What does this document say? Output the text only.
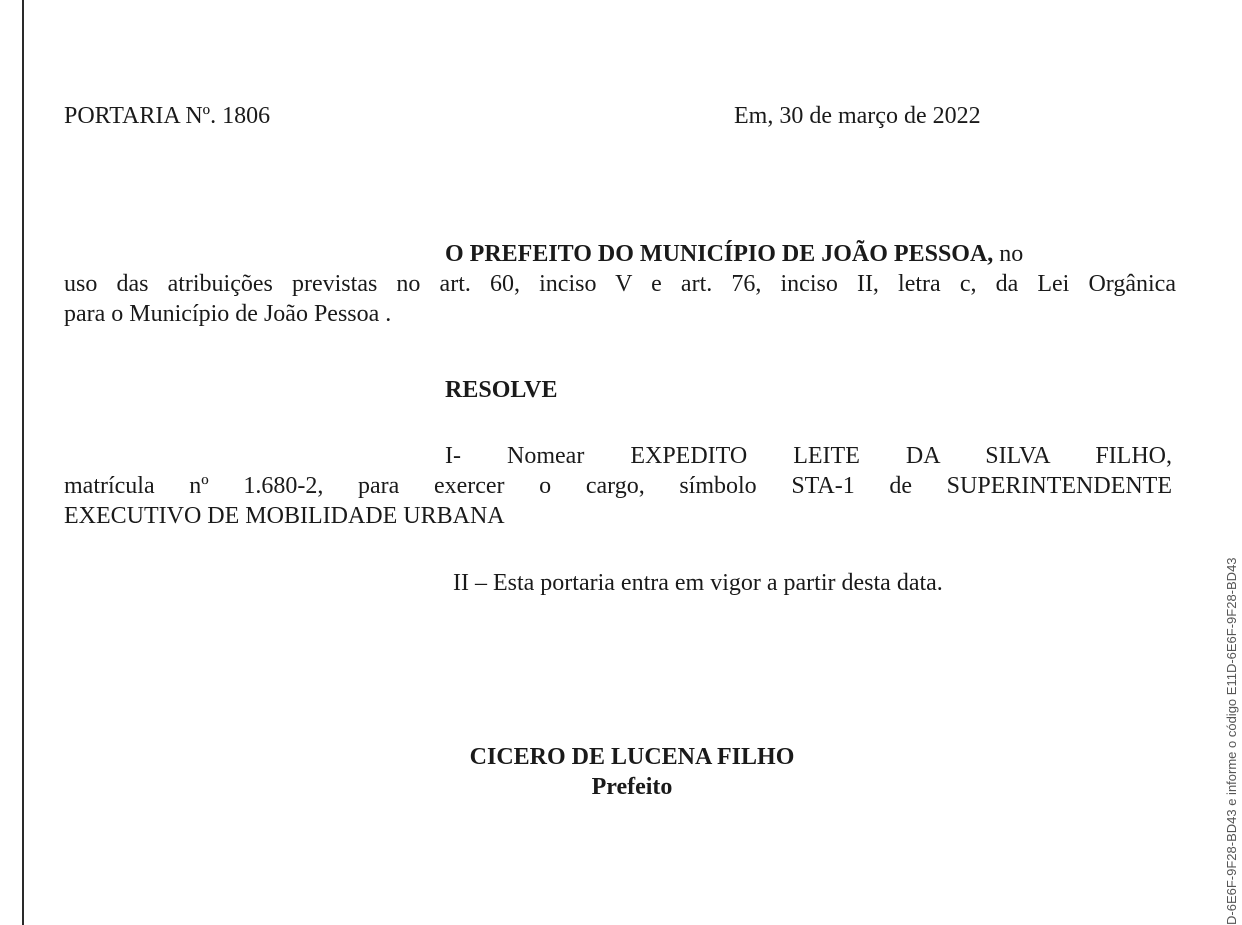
PORTARIA Nº. 1806	Em, 30 de março de 2022
O PREFEITO DO MUNICÍPIO DE JOÃO PESSOA, no
uso das atribuições previstas no art. 60, inciso V e art. 76, inciso II, letra c, da Lei Orgânica
para o Município de João Pessoa .
RESOLVE
I- Nomear EXPEDITO LEITE DA SILVA FILHO,
matrícula nº 1.680-2, para exercer o cargo, símbolo STA-1 de SUPERINTENDENTE
EXECUTIVO DE MOBILIDADE URBANA
II – Esta portaria entra em vigor a partir desta data.
CICERO DE LUCENA FILHO
Prefeito	D-6E6F-9F28-BD43 e informe o código E11D-6E6F-9F28-BD43
